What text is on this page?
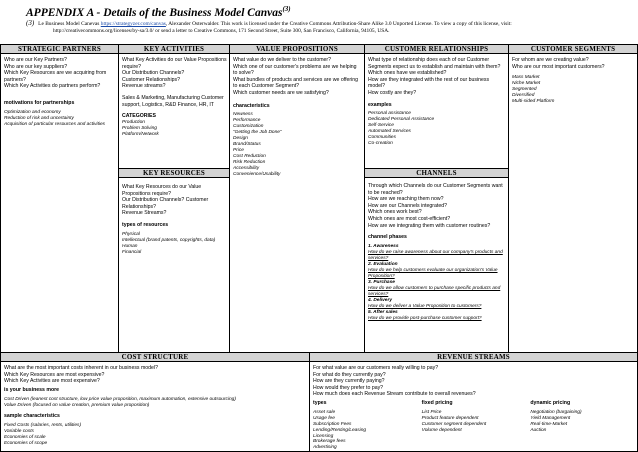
APPENDIX A - Details of the Business Model Canvas$^{(3)}$
(3) Le Business Model Canevas https://strategyzer.com/canvas, Alexander Osterwalder. This work is licensed under the Creative Commons Attribution-Share Alike 3.0 Unported License. To view a copy of this license, visit:
http://creativecommons.org/licenses/by-sa/3.0/ or send a letter to Creative Commons, 171 Second Street, Suite 300, San Francisco, California, 94105, USA.
STRATEGIC PARTNERS
Who are our Key Partners?
Who are our key suppliers?
Which Key Resources are we acquiring from partners?
Which Key Activities do partners perform?
motivations for partnerships
Optimization and economy
Reduction of risk and uncertainty
Acquisition of particular resources and activities
KEY ACTIVITIES
What Key Activities do our Value Propositions require?
Our Distribution Channels?
Customer Relationships?
Revenue streams?
Sales & Marketing, Manufacturing Customer support, Logistics, R&D Finance, HR, IT
CATEGORIES
Production
Problem Solving
Platform/Network
KEY RESOURCES
What Key Resources do our Value Propositions require?
Our Distribution Channels? Customer Relationships?
Revenue Streams?
types of resources
Physical
Intellectual (brand patents, copyrights, data)
Human
Financial
VALUE PROPOSITIONS
What value do we deliver to the customer?
Which one of our customer's problems are we helping to solve?
What bundles of products and services are we offering to each Customer Segment?
Which customer needs are we satisfying?
characteristics
Newness
Performance
Customization
“Getting the Job Done”
Design
Brand/Status
Price
Cost Reduction
Risk Reduction
Accessibility
Convenience/Usability
CUSTOMER RELATIONSHIPS
What type of relationship does each of our Customer Segments expect us to establish and maintain with them?
Which ones have we established?
How are they integrated with the rest of our business model?
How costly are they?
examples
Personal assistance
Dedicated Personal Assistance
Self-Service
Automated Services
Communities
Co-creation
CHANNELS
Through which Channels do our Customer Segments want to be reached?
How are we reaching them now?
How are our Channels integrated?
Which ones work best?
Which ones are most cost-efficient?
How are we integrating them with customer routines?
channel phases
1. Awareness
How do we raise awareness about our company's products and services?
2. Evaluation
How do we help customers evaluate our organization's Value Proposition?
3. Purchase
How do we allow customers to purchase specific products and services?
4. Delivery
How do we deliver a Value Proposition to customers?
5. After sales
How do we provide post-purchase customer support?
CUSTOMER SEGMENTS
For whom are we creating value?
Who are our most important customers?
Mass Market
Niche Market
Segmented
Diversified
Multi-sided Platform
COST STRUCTURE
What are the most important costs inherent in our business model?
Which Key Resources are most expensive?
Which Key Activities are most expensive?
is your business more
Cost Driven (leanest cost structure, low price value proposition, maximum automation, extensive outsourcing)
Value Driven (focused on value creation, premium value proposition)
sample characteristics
Fixed Costs (salaries, rents, utilities)
Variable costs
Economies of scale
Economies of scope
REVENUE STREAMS
For what value are our customers really willing to pay?
For what do they currently pay?
How are they currently paying?
How would they prefer to pay?
How much does each Revenue Stream contribute to overall revenues?
types
Asset sale
Usage fee
Subscription Fees
Lending/Renting/Leasing
Licensing
Brokerage fees
Advertising
fixed pricing
List Price
Product feature dependent
Customer segment dependent
Volume dependent
dynamic pricing
Negotiation (bargaining)
Yield Management
Real-time-Market
Auction
